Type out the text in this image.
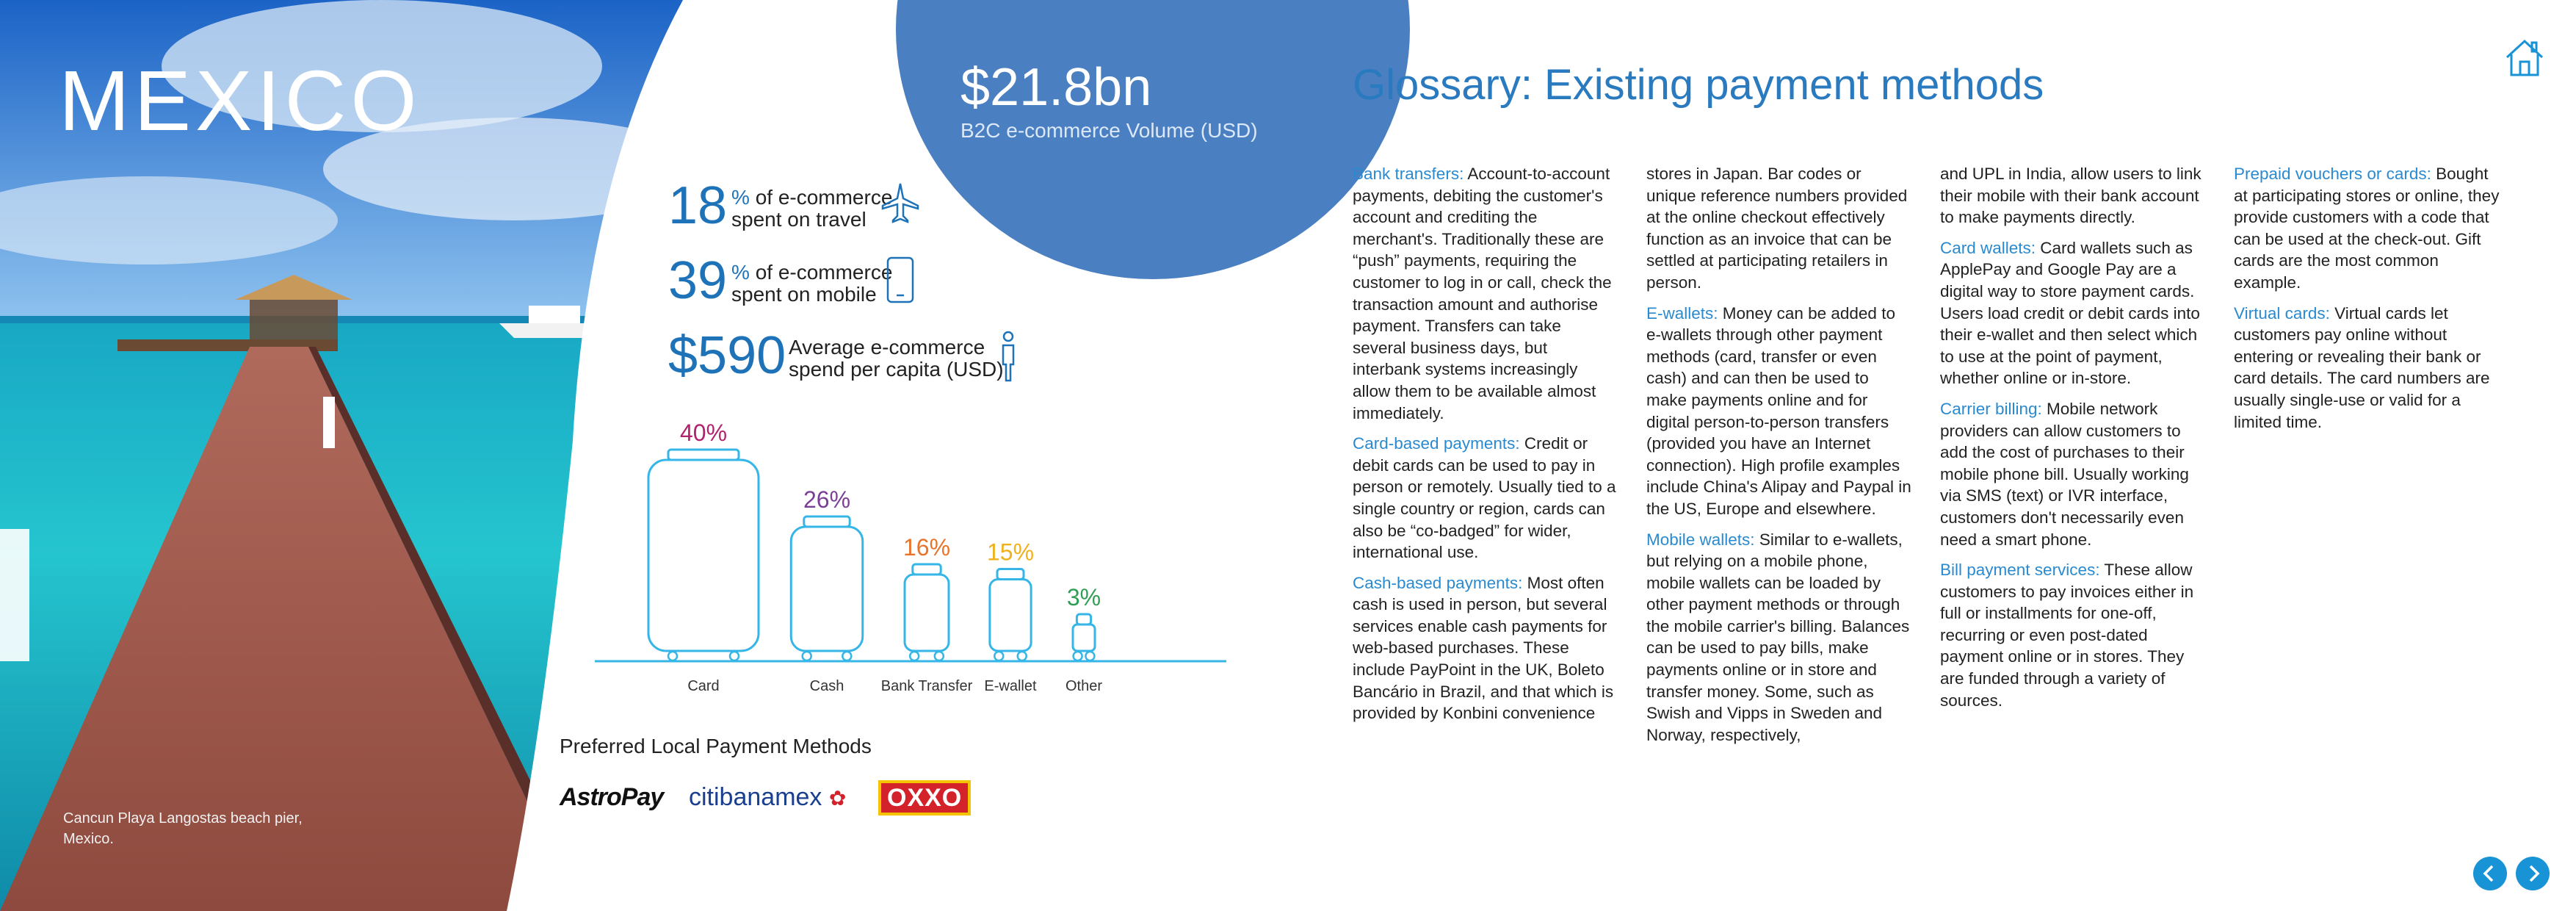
MEXICO
Cancun Playa Langostas beach pier, Mexico.
$21.8bn
B2C e-commerce Volume (USD)
18 % of e-commerce
spent on travel
39 % of e-commerce
spent on mobile
$590 Average e-commerce
spend per capita (USD)
40%
Card
26%
Cash
16%
Bank Transfer
15%
E-wallet
3%
Other
Preferred Local Payment Methods
AstroPay citibanamex ✿	OXXO
Glossary: Existing payment methods

Bank transfers: Account-to-account payments, debiting the customer's account and crediting the merchant's. Traditionally these are “push” payments, requiring the customer to log in or call, check the transaction amount and authorise payment. Transfers can take several business days, but interbank systems increasingly allow them to be available almost immediately.

Card-based payments: Credit or debit cards can be used to pay in person or remotely. Usually tied to a single country or region, cards can also be “co-badged” for wider, international use.

Cash-based payments: Most often cash is used in person, but several services enable cash payments for web-based purchases. These include PayPoint in the UK, Boleto Bancário in Brazil, and that which is provided by Konbini convenience

stores in Japan. Bar codes or unique reference numbers provided at the online checkout effectively function as an invoice that can be settled at participating retailers in person.

E-wallets: Money can be added to e-wallets through other payment methods (card, transfer or even cash) and can then be used to make payments online and for digital person-to-person transfers (provided you have an Internet connection). High profile examples include China's Alipay and Paypal in the US, Europe and elsewhere.

Mobile wallets: Similar to e-wallets, but relying on a mobile phone, mobile wallets can be loaded by other payment methods or through the mobile carrier's billing. Balances can be used to pay bills, make payments online or in store and transfer money. Some, such as Swish and Vipps in Sweden and Norway, respectively,

and UPL in India, allow users to link their mobile with their bank account to make payments directly.

Card wallets: Card wallets such as ApplePay and Google Pay are a digital way to store payment cards. Users load credit or debit cards into their e-wallet and then select which to use at the point of payment, whether online or in-store.

Carrier billing: Mobile network providers can allow customers to add the cost of purchases to their mobile phone bill. Usually working via SMS (text) or IVR interface, customers don't necessarily even need a smart phone.

Bill payment services: These allow customers to pay invoices either in full or installments for one-off, recurring or even post-dated payment online or in stores. They are funded through a variety of sources.

Prepaid vouchers or cards: Bought at participating stores or online, they provide customers with a code that can be used at the check-out. Gift cards are the most common example.

Virtual cards: Virtual cards let customers pay online without entering or revealing their bank or card details. The card numbers are usually single-use or valid for a limited time.
